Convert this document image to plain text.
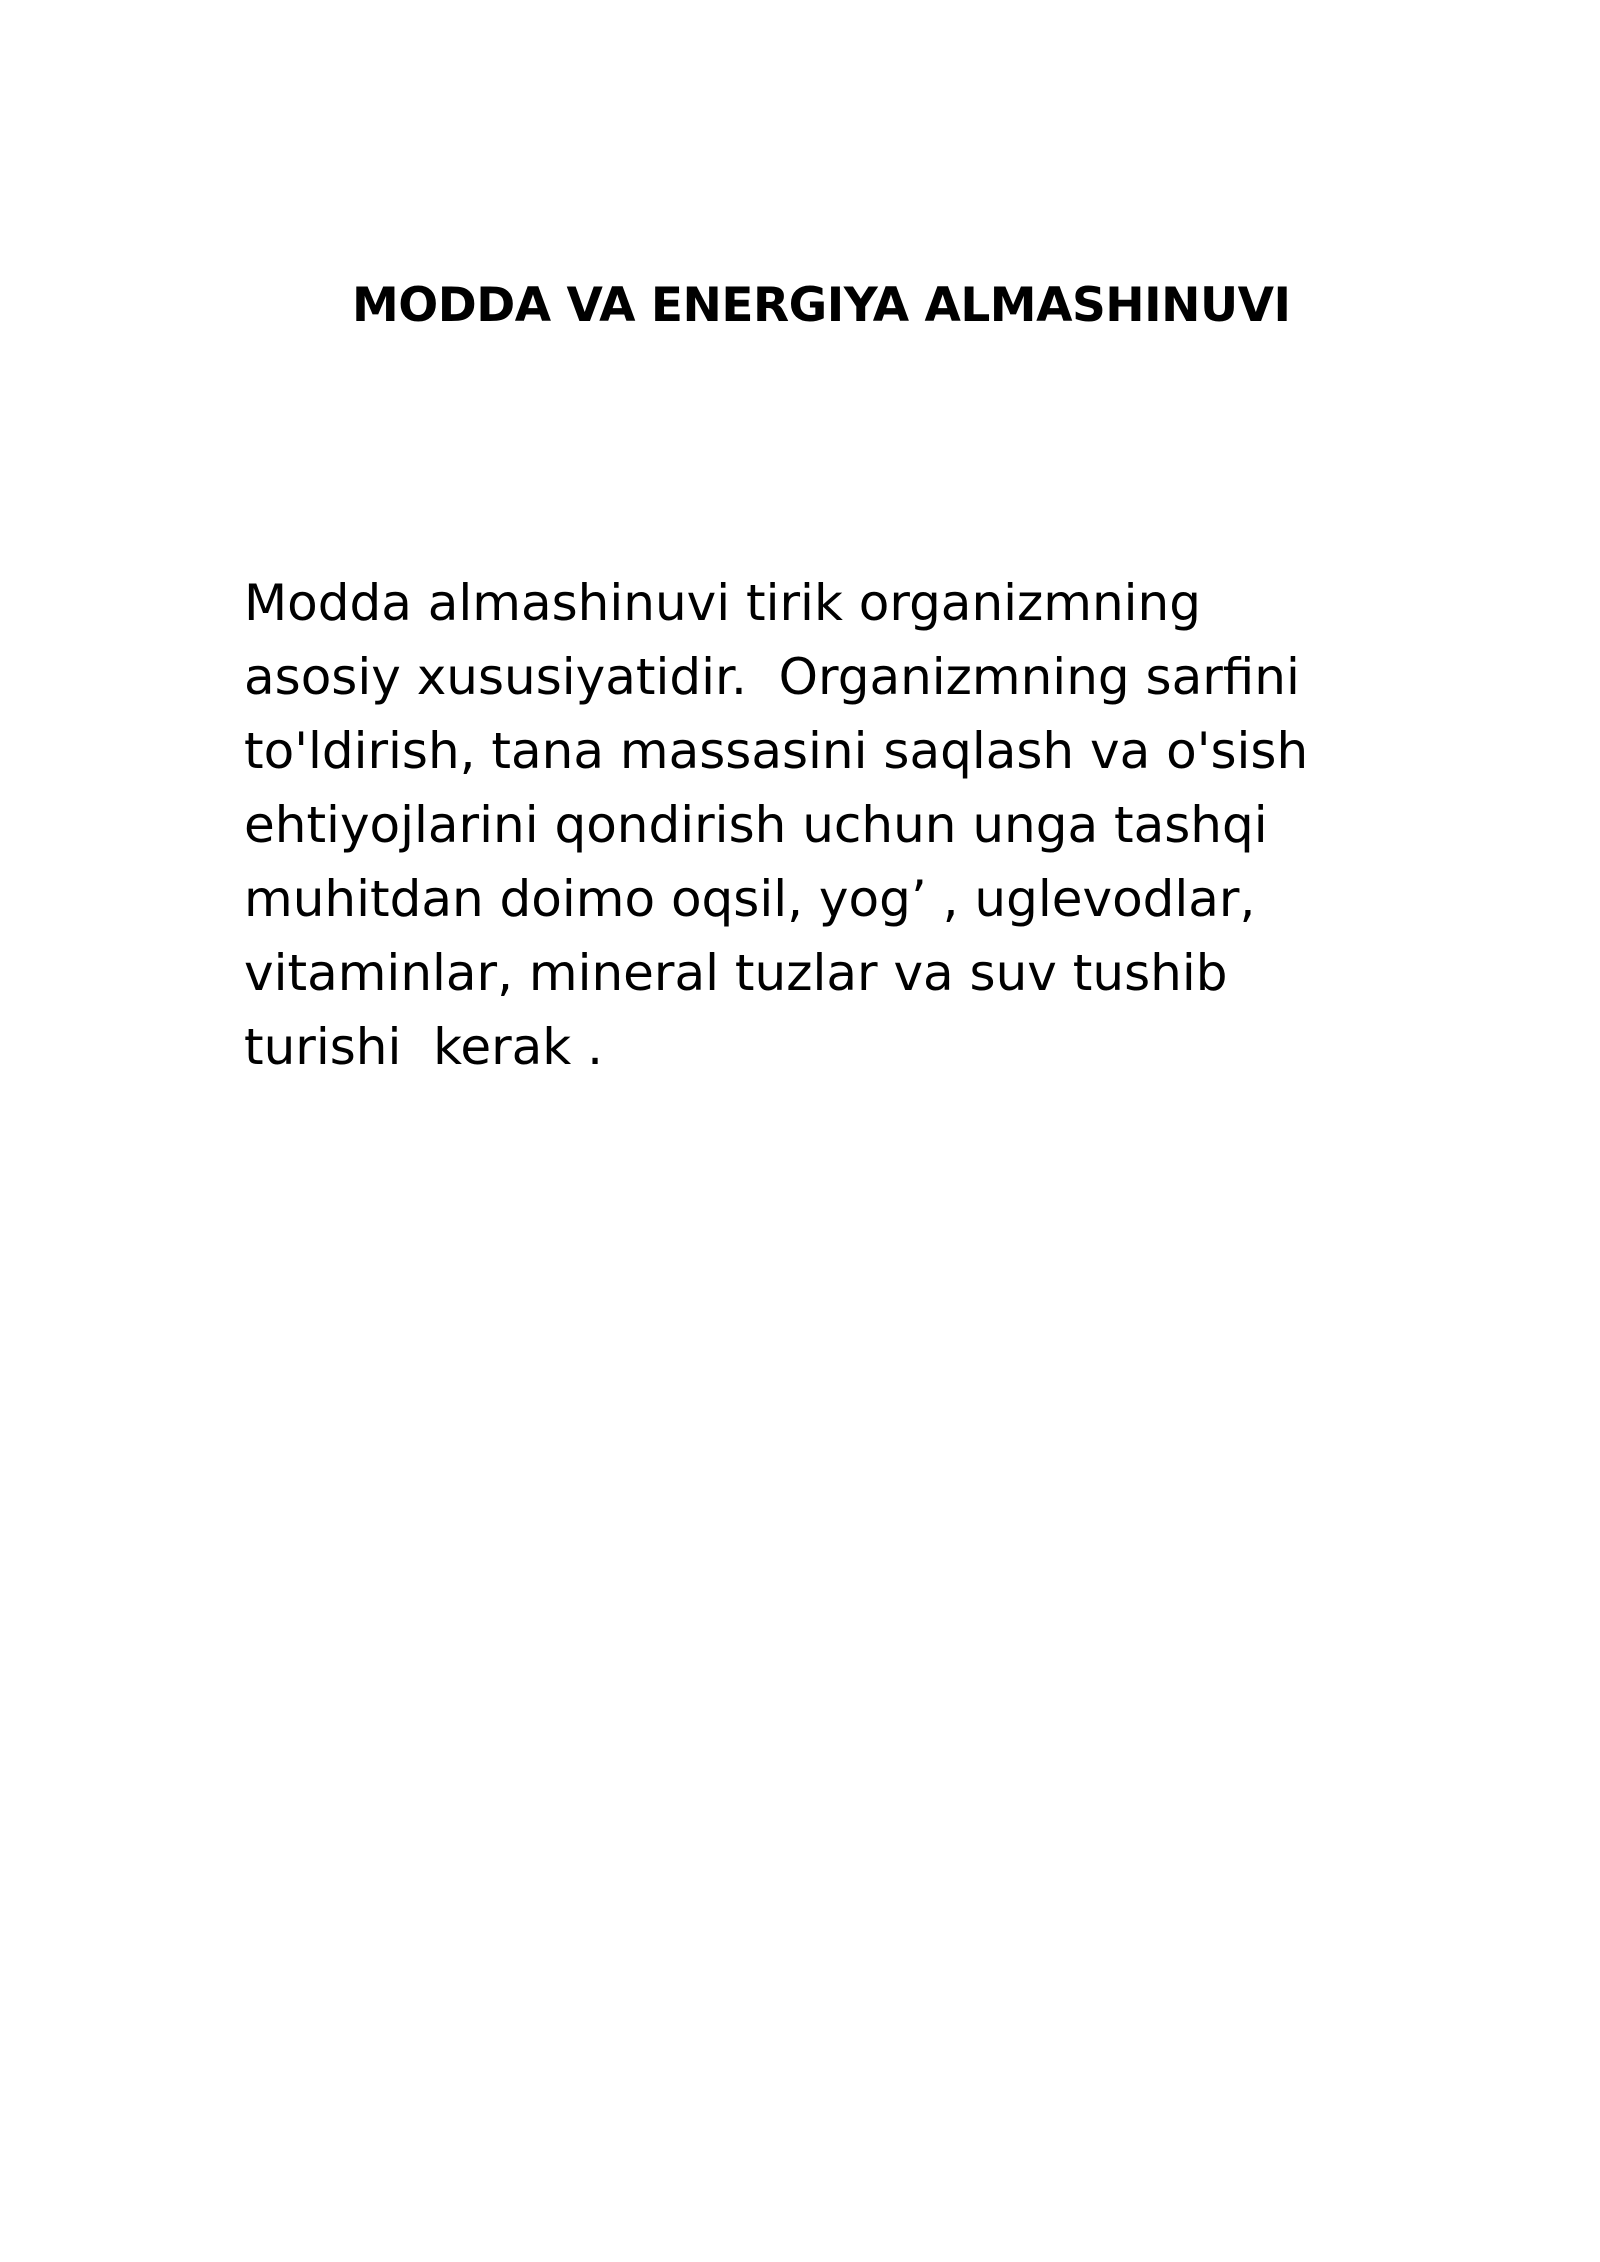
MODDA VA ENERGIYA ALMASHINUVI
Modda almashinuvi tirik organizmning
asosiy xususiyatidir.  Organizmning sarfini
to'ldirish, tana massasini saqlash va o'sish
ehtiyojlarini qondirish uchun unga tashqi
muhitdan doimo oqsil, yog’ , uglevodlar,
vitaminlar, mineral tuzlar va suv tushib
turishi  kerak .
